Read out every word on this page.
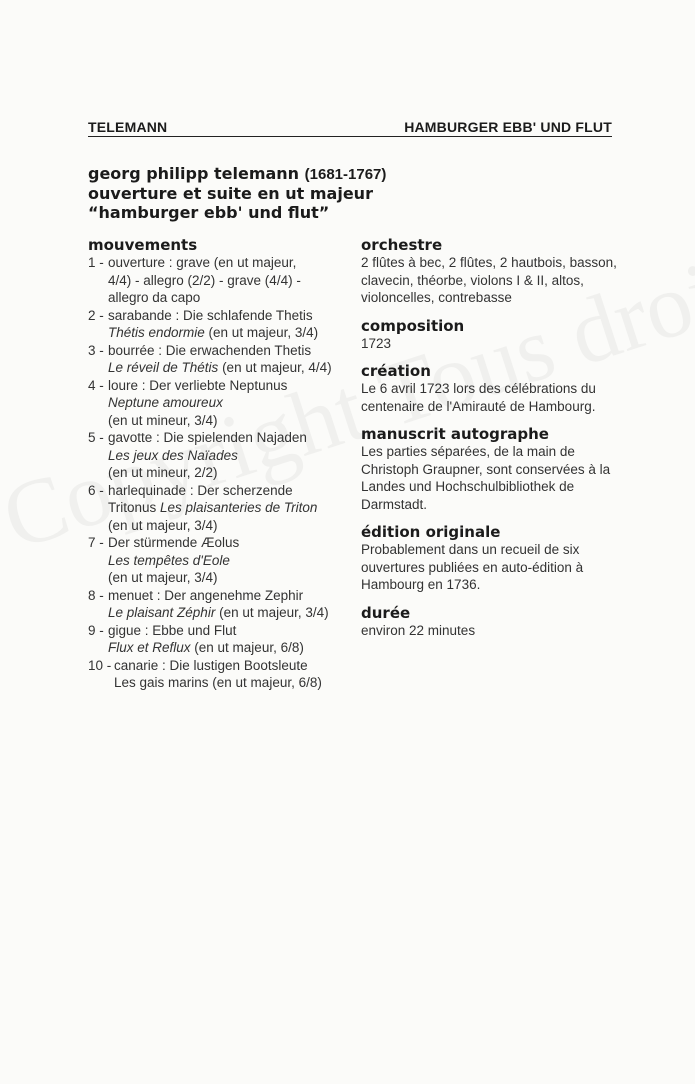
TELEMANN	HAMBURGER EBB' UND FLUT
georg philipp telemann (1681-1767)
ouverture et suite en ut majeur
“hamburger ebb' und flut”
mouvements
1 - ouverture : grave (en ut majeur,
4/4) - allegro (2/2) - grave (4/4) -
allegro da capo
2 - sarabande : Die schlafende Thetis
Thétis endormie (en ut majeur, 3/4)
3 - bourrée : Die erwachenden Thetis
Le réveil de Thétis (en ut majeur, 4/4)
4 - loure : Der verliebte Neptunus
Neptune amoureux
(en ut mineur, 3/4)
5 - gavotte : Die spielenden Najaden
Les jeux des Naïades
(en ut mineur, 2/2)
6 - harlequinade : Der scherzende
Tritonus Les plaisanteries de Triton
(en ut majeur, 3/4)
7 - Der stürmende Æolus
Les tempêtes d'Eole
(en ut majeur, 3/4)
8 - menuet : Der angenehme Zephir
Le plaisant Zéphir (en ut majeur, 3/4)
9 - gigue : Ebbe und Flut
Flux et Reflux (en ut majeur, 6/8)
10 - canarie : Die lustigen Bootsleute
Les gais marins (en ut majeur, 6/8)
orchestre
2 flûtes à bec, 2 flûtes, 2 hautbois, basson, clavecin, théorbe, violons I & II, altos, violoncelles, contrebasse
composition
1723
création
Le 6 avril 1723 lors des célébrations du centenaire de l'Amirauté de Hambourg.
manuscrit autographe
Les parties séparées, de la main de Christoph Graupner, sont conservées à la Landes und Hochschulbibliothek de Darmstadt.
édition originale
Probablement dans un recueil de six ouvertures publiées en auto-édition à Hambourg en 1736.
durée
environ 22 minutes
